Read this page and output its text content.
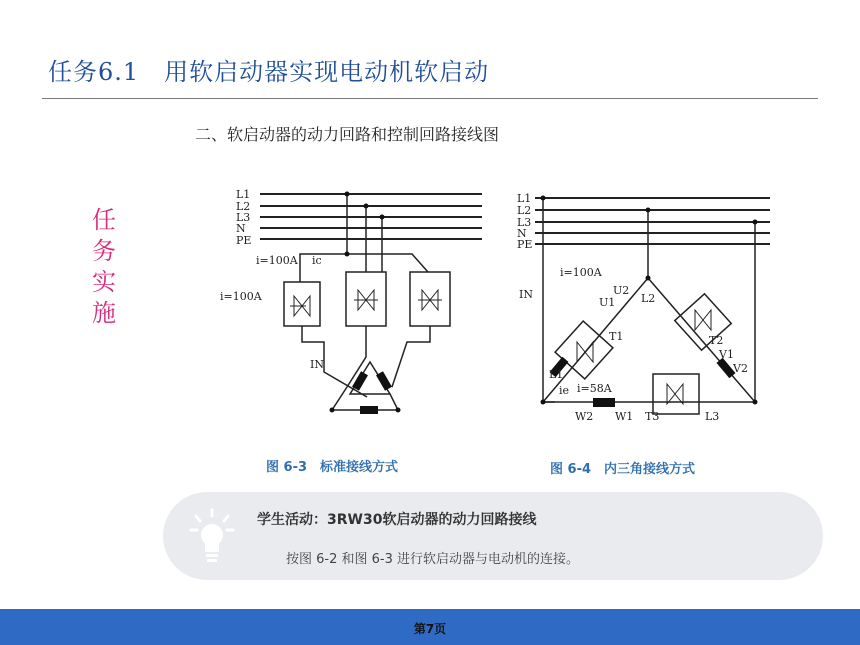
任务6.1　用软启动器实现电动机软启动
二、软启动器的动力回路和控制回路接线图
任
务
实
施
L1
L2
L3
N
PE
i=100A ic
i=100A
IN
图 6-3　标准接线方式
L1
L2
L3
N
PE
i=100A
IN	U2
U1 L2
T1	T2
V1
V2
L1
ie i=58A
W2 W1 T3	L3
图 6-4　内三角接线方式
学生活动：3RW30软启动器的动力回路接线
按图 6-2 和图 6-3 进行软启动器与电动机的连接。
第7页
